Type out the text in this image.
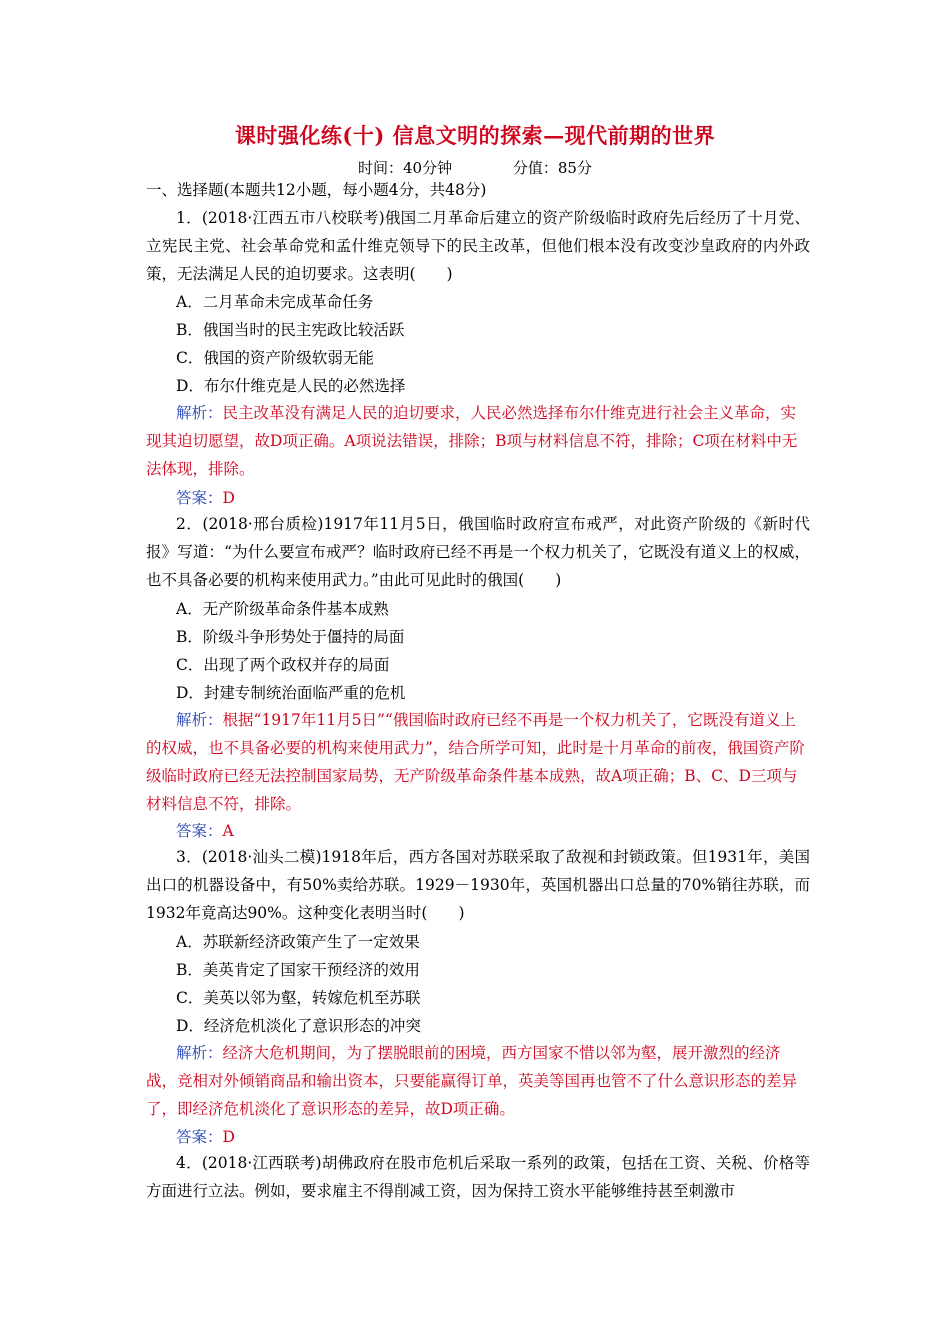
课时强化练(十) 信息文明的探索—现代前期的世界
时间：40分钟	分值：85分
一、选择题(本题共12小题，每小题4分，共48分)
1．(2018·江西五市八校联考)俄国二月革命后建立的资产阶级临时政府先后经历了十月党、立宪民主党、社会革命党和孟什维克领导下的民主改革，但他们根本没有改变沙皇政府的内外政策，无法满足人民的迫切要求。这表明(　　)
A．二月革命未完成革命任务
B．俄国当时的民主宪政比较活跃
C．俄国的资产阶级软弱无能
D．布尔什维克是人民的必然选择
解析：民主改革没有满足人民的迫切要求，人民必然选择布尔什维克进行社会主义革命，实现其迫切愿望，故D项正确。A项说法错误，排除；B项与材料信息不符，排除；C项在材料中无法体现，排除。
答案：D
2．(2018·邢台质检)1917年11月5日，俄国临时政府宣布戒严，对此资产阶级的《新时代报》写道：“为什么要宣布戒严？临时政府已经不再是一个权力机关了，它既没有道义上的权威，也不具备必要的机构来使用武力。”由此可见此时的俄国(　　)
A．无产阶级革命条件基本成熟
B．阶级斗争形势处于僵持的局面
C．出现了两个政权并存的局面
D．封建专制统治面临严重的危机
解析：根据“1917年11月5日”“俄国临时政府已经不再是一个权力机关了，它既没有道义上的权威，也不具备必要的机构来使用武力”，结合所学可知，此时是十月革命的前夜，俄国资产阶级临时政府已经无法控制国家局势，无产阶级革命条件基本成熟，故A项正确；B、C、D三项与材料信息不符，排除。
答案：A
3．(2018·汕头二模)1918年后，西方各国对苏联采取了敌视和封锁政策。但1931年，美国出口的机器设备中，有50%卖给苏联。1929－1930年，英国机器出口总量的70%销往苏联，而1932年竟高达90%。这种变化表明当时(　　)
A．苏联新经济政策产生了一定效果
B．美英肯定了国家干预经济的效用
C．美英以邻为壑，转嫁危机至苏联
D．经济危机淡化了意识形态的冲突
解析：经济大危机期间，为了摆脱眼前的困境，西方国家不惜以邻为壑，展开激烈的经济战，竞相对外倾销商品和输出资本，只要能赢得订单，英美等国再也管不了什么意识形态的差异了，即经济危机淡化了意识形态的差异，故D项正确。
答案：D
4．(2018·江西联考)胡佛政府在股市危机后采取一系列的政策，包括在工资、关税、价格等方面进行立法。例如，要求雇主不得削减工资，因为保持工资水平能够维持甚至刺激市
